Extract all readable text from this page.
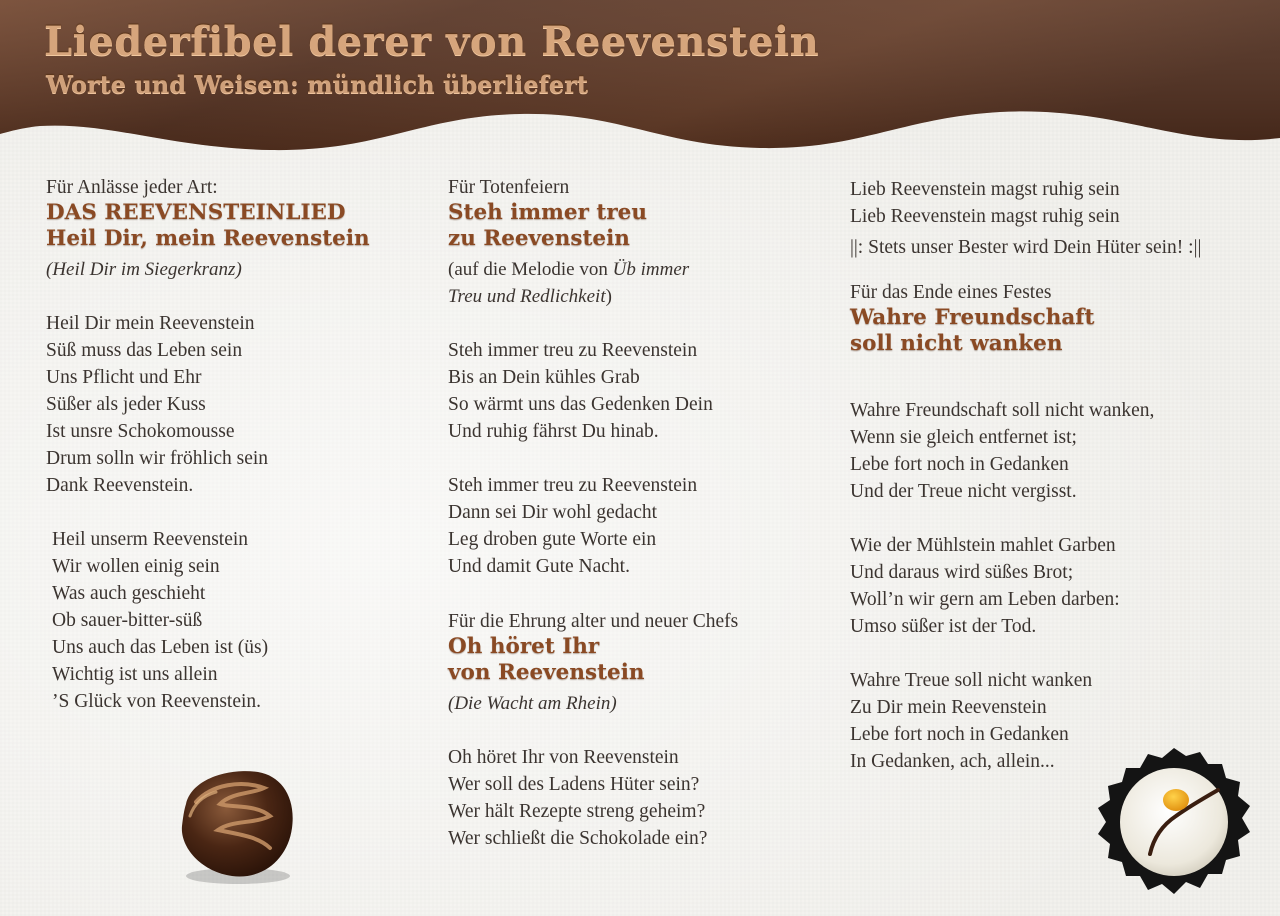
Liederfibel derer von Reevenstein
Worte und Weisen: mündlich überliefert
Für Anlässe jeder Art:
DAS REEVENSTEINLIED
Heil Dir, mein Reevenstein
(Heil Dir im Siegerkranz)
Heil Dir mein Reevenstein
Süß muss das Leben sein
Uns Pflicht und Ehr
Süßer als jeder Kuss
Ist unsre Schokomousse
Drum solln wir fröhlich sein
Dank Reevenstein.
Heil unserm Reevenstein
Wir wollen einig sein
Was auch geschieht
Ob sauer-bitter-süß
Uns auch das Leben ist (üs)
Wichtig ist uns allein
’S Glück von Reevenstein.
Für Totenfeiern
Steh immer treu
zu Reevenstein
(auf die Melodie von Üb immer
Treu und Redlichkeit)
Steh immer treu zu Reevenstein
Bis an Dein kühles Grab
So wärmt uns das Gedenken Dein
Und ruhig fährst Du hinab.
Steh immer treu zu Reevenstein
Dann sei Dir wohl gedacht
Leg droben gute Worte ein
Und damit Gute Nacht.
Für die Ehrung alter und neuer Chefs
Oh höret Ihr
von Reevenstein
(Die Wacht am Rhein)
Oh höret Ihr von Reevenstein
Wer soll des Ladens Hüter sein?
Wer hält Rezepte streng geheim?
Wer schließt die Schokolade ein?
Lieb Reevenstein magst ruhig sein
Lieb Reevenstein magst ruhig sein
||: Stets unser Bester wird Dein Hüter sein! :||
Für das Ende eines Festes
Wahre Freundschaft
soll nicht wanken
Wahre Freundschaft soll nicht wanken,
Wenn sie gleich entfernet ist;
Lebe fort noch in Gedanken
Und der Treue nicht vergisst.
Wie der Mühlstein mahlet Garben
Und daraus wird süßes Brot;
Woll’n wir gern am Leben darben:
Umso süßer ist der Tod.
Wahre Treue soll nicht wanken
Zu Dir mein Reevenstein
Lebe fort noch in Gedanken
In Gedanken, ach, allein...
